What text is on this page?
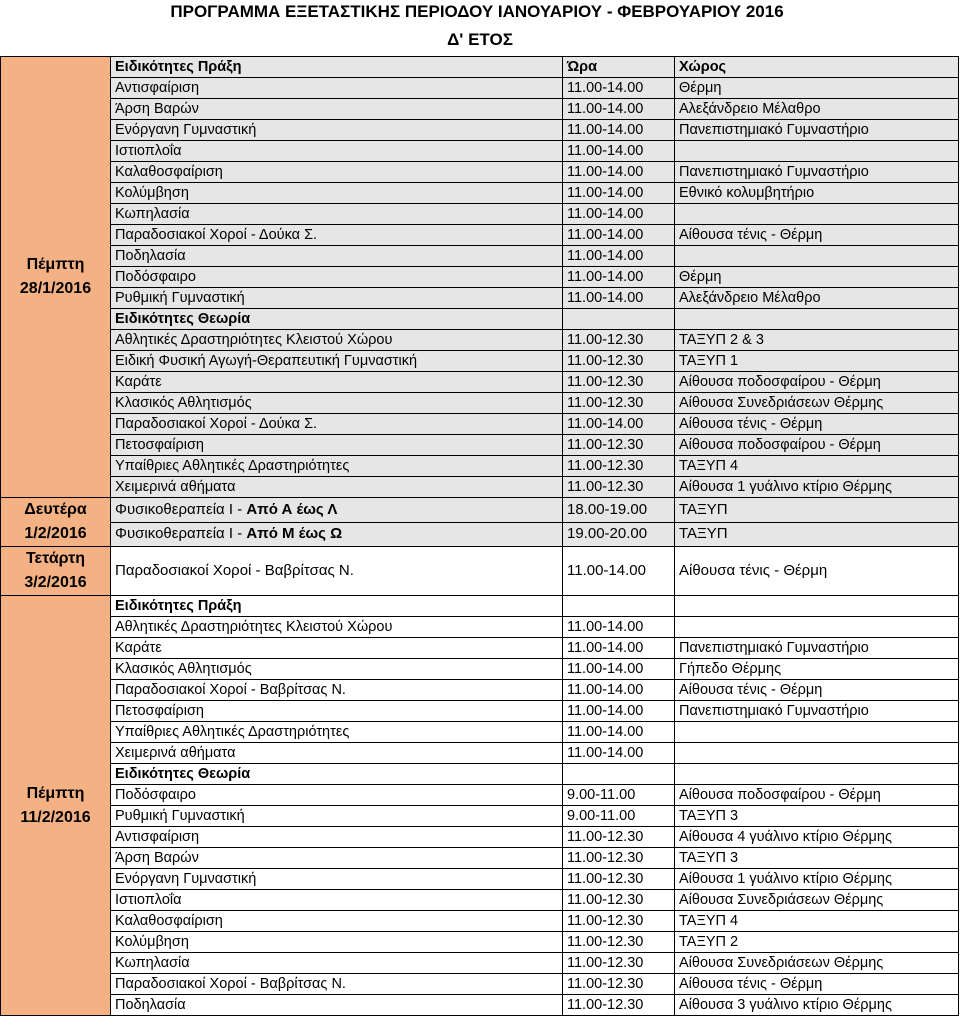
ΠΡΟΓΡΑΜΜΑ ΕΞΕΤΑΣΤΙΚΗΣ ΠΕΡΙΟΔΟΥ ΙΑΝΟΥΑΡΙΟΥ - ΦΕΒΡΟΥΑΡΙΟΥ 2016
Δ' ΕΤΟΣ
Πέμπτη
28/1/2016	Ειδικότητες Πράξη	Ώρα	Χώρος
	Αντισφαίριση	11.00-14.00	Θέρμη
	Άρση Βαρών	11.00-14.00	Αλεξάνδρειο Μέλαθρο
	Ενόργανη Γυμναστική	11.00-14.00	Πανεπιστημιακό Γυμναστήριο
	Ιστιοπλοΐα	11.00-14.00	
	Καλαθοσφαίριση	11.00-14.00	Πανεπιστημιακό Γυμναστήριο
	Κολύμβηση	11.00-14.00	Εθνικό κολυμβητήριο
	Κωπηλασία	11.00-14.00	
	Παραδοσιακοί Χοροί - Δούκα Σ.	11.00-14.00	Αίθουσα τένις - Θέρμη
	Ποδηλασία	11.00-14.00	
	Ποδόσφαιρο	11.00-14.00	Θέρμη
	Ρυθμική Γυμναστική	11.00-14.00	Αλεξάνδρειο Μέλαθρο
	Ειδικότητες Θεωρία		
	Αθλητικές Δραστηριότητες Κλειστού Χώρου	11.00-12.30	ΤΑΞΥΠ 2 & 3
	Ειδική Φυσική Αγωγή-Θεραπευτική Γυμναστική	11.00-12.30	ΤΑΞΥΠ 1
	Καράτε	11.00-12.30	Αίθουσα ποδοσφαίρου - Θέρμη
	Κλασικός Αθλητισμός	11.00-12.30	Αίθουσα Συνεδριάσεων Θέρμης
	Παραδοσιακοί Χοροί - Δούκα Σ.	11.00-14.00	Αίθουσα τένις - Θέρμη
	Πετοσφαίριση	11.00-12.30	Αίθουσα ποδοσφαίρου - Θέρμη
	Υπαίθριες Αθλητικές Δραστηριότητες	11.00-12.30	ΤΑΞΥΠ 4
	Χειμερινά αθήματα	11.00-12.30	Αίθουσα 1 γυάλινο κτίριο Θέρμης
Δευτέρα
1/2/2016	Φυσικοθεραπεία Ι - Από Α έως Λ	18.00-19.00	ΤΑΞΥΠ
	Φυσικοθεραπεία Ι - Από Μ έως Ω	19.00-20.00	ΤΑΞΥΠ
Τετάρτη
3/2/2016	Παραδοσιακοί Χοροί - Βαβρίτσας Ν.	11.00-14.00	Αίθουσα τένις - Θέρμη
Πέμπτη
11/2/2016	Ειδικότητες Πράξη		
	Αθλητικές Δραστηριότητες Κλειστού Χώρου	11.00-14.00	
	Καράτε	11.00-14.00	Πανεπιστημιακό Γυμναστήριο
	Κλασικός Αθλητισμός	11.00-14.00	Γήπεδο Θέρμης
	Παραδοσιακοί Χοροί - Βαβρίτσας Ν.	11.00-14.00	Αίθουσα τένις - Θέρμη
	Πετοσφαίριση	11.00-14.00	Πανεπιστημιακό Γυμναστήριο
	Υπαίθριες Αθλητικές Δραστηριότητες	11.00-14.00	
	Χειμερινά αθήματα	11.00-14.00	
	Ειδικότητες Θεωρία		
	Ποδόσφαιρο	9.00-11.00	Αίθουσα ποδοσφαίρου - Θέρμη
	Ρυθμική Γυμναστική	9.00-11.00	ΤΑΞΥΠ 3
	Αντισφαίριση	11.00-12.30	Αίθουσα 4 γυάλινο κτίριο Θέρμης
	Άρση Βαρών	11.00-12.30	ΤΑΞΥΠ 3
	Ενόργανη Γυμναστική	11.00-12.30	Αίθουσα 1 γυάλινο κτίριο Θέρμης
	Ιστιοπλοΐα	11.00-12.30	Αίθουσα Συνεδριάσεων Θέρμης
	Καλαθοσφαίριση	11.00-12.30	ΤΑΞΥΠ 4
	Κολύμβηση	11.00-12.30	ΤΑΞΥΠ 2
	Κωπηλασία	11.00-12.30	Αίθουσα Συνεδριάσεων Θέρμης
	Παραδοσιακοί Χοροί - Βαβρίτσας Ν.	11.00-12.30	Αίθουσα τένις - Θέρμη
	Ποδηλασία	11.00-12.30	Αίθουσα 3 γυάλινο κτίριο Θέρμης
